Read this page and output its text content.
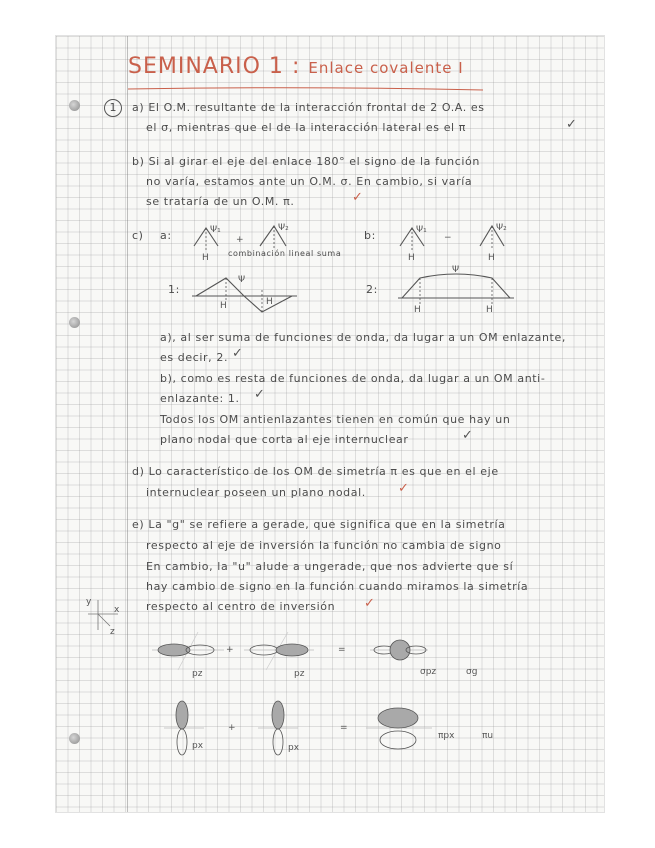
SEMINARIO 1 : Enlace covalente I
1	a) El O.M. resultante de la interacción frontal de 2 O.A. es
el σ, mientras que el de la interacción lateral es el π	✓
b) Si al girar el eje del enlace 180° el signo de la función
no varía, estamos ante un O.M. σ. En cambio, si varía
se trataría de un O.M. π.	✓
c) a:	b:
Ψ₁
+
Ψ₂
H combinación lineal suma
Ψ₁
−
Ψ₂
H	H
1:
Ψ
H	H
2:
Ψ
H	H
a), al ser suma de funciones de onda, da lugar a un OM enlazante,
es decir, 2. ✓
b), como es resta de funciones de onda, da lugar a un OM anti-
enlazante: 1. ✓
Todos los OM antienlazantes tienen en común que hay un
plano nodal que corta al eje internuclear	✓
d) Lo característico de los OM de simetría π es que en el eje
internuclear poseen un plano nodal. ✓
e) La "g" se refiere a gerade, que significa que en la simetría
respecto al eje de inversión la función no cambia de signo
En cambio, la "u" alude a ungerade, que nos advierte que sí
hay cambio de signo en la función cuando miramos la simetría
respecto al centro de inversión ✓
y
x
z
pz
+
pz
=
σpz	σg
px
+
px
=
πpx	πu
